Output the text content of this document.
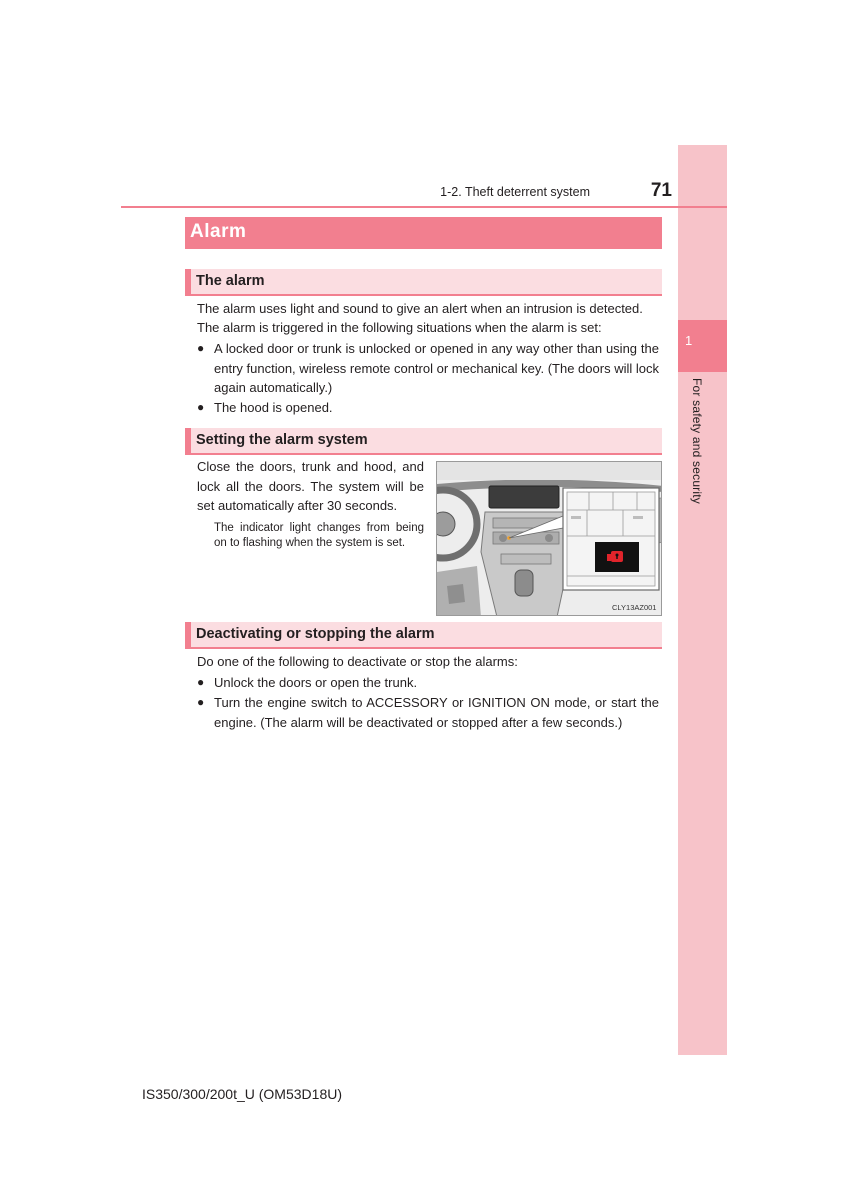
1
For safety and security
1-2. Theft deterrent system	71
Alarm
The alarm
The alarm uses light and sound to give an alert when an intrusion is detected.
The alarm is triggered in the following situations when the alarm is set:
● A locked door or trunk is unlocked or opened in any way other than using the entry function, wireless remote control or mechanical key. (The doors will lock again automatically.)
● The hood is opened.
Setting the alarm system
Close the doors, trunk and hood, and lock all the doors. The system will be set automatically after 30 seconds.
The indicator light changes from being on to flashing when the system is set.
CLY13AZ001
Deactivating or stopping the alarm
Do one of the following to deactivate or stop the alarms:
● Unlock the doors or open the trunk.
● Turn the engine switch to ACCESSORY or IGNITION ON mode, or start the engine. (The alarm will be deactivated or stopped after a few seconds.)
IS350/300/200t_U (OM53D18U)
